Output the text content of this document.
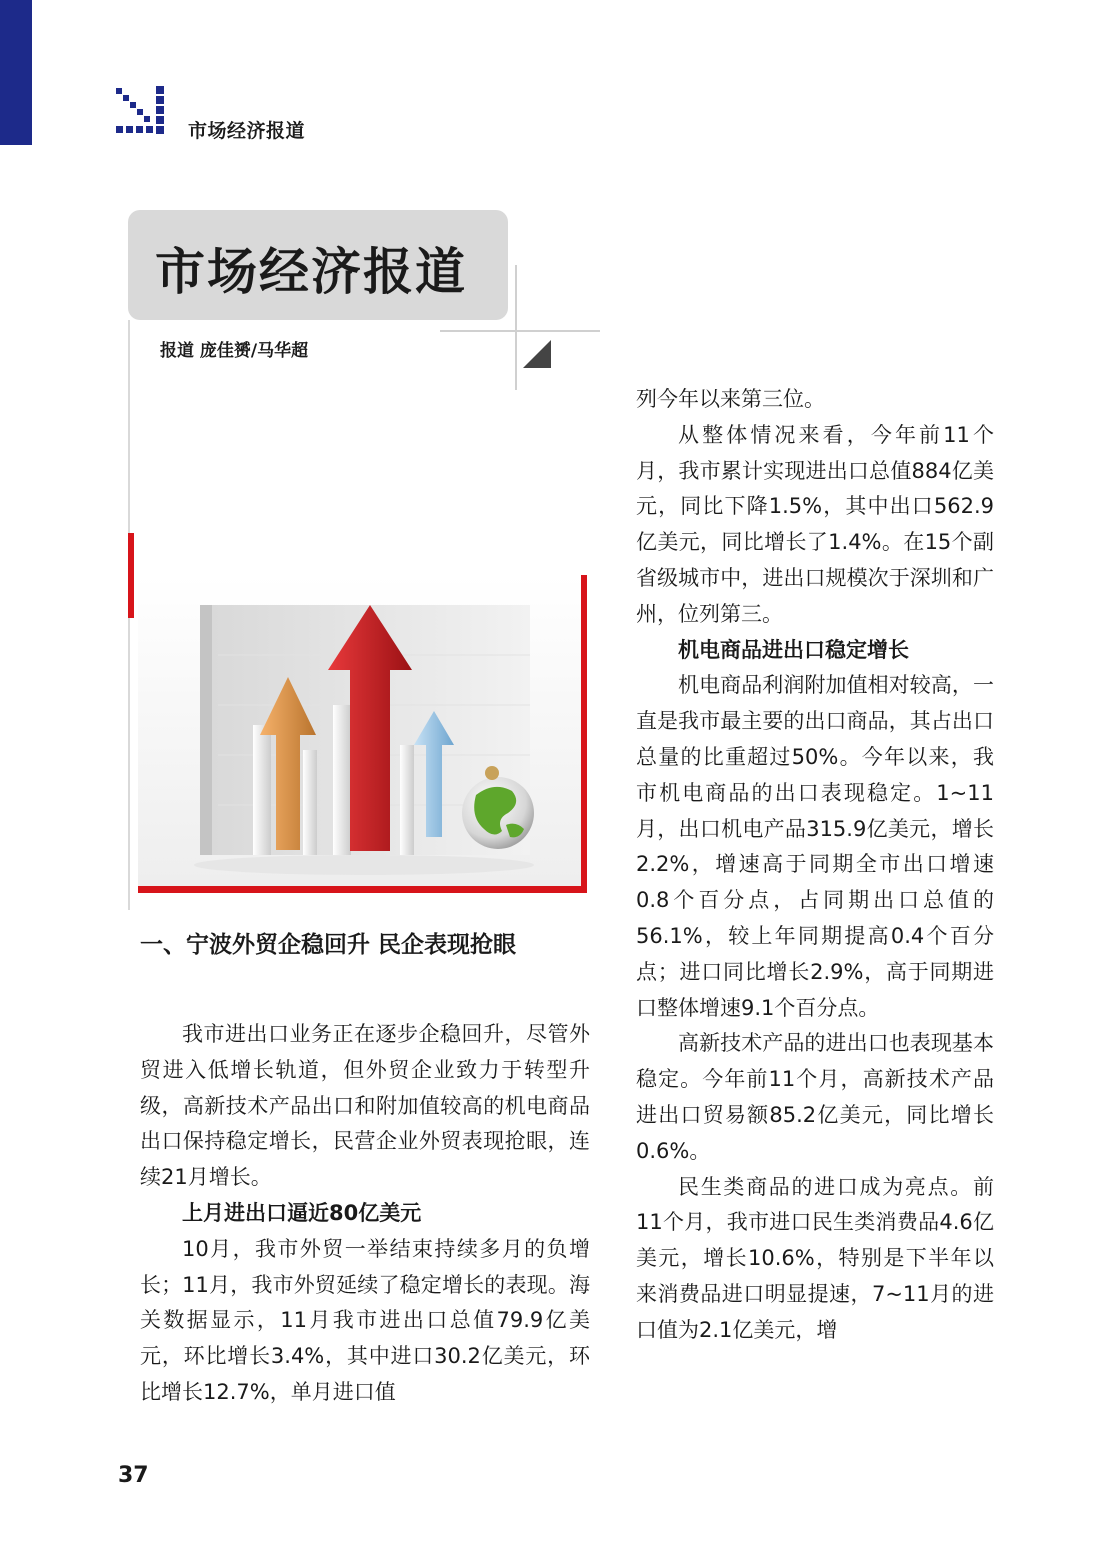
市场经济报道
市场经济报道
报道 庞佳赟/马华超
一、宁波外贸企稳回升 民企表现抢眼

我市进出口业务正在逐步企稳回升，尽管外贸进入低增长轨道，但外贸企业致力于转型升级，高新技术产品出口和附加值较高的机电商品出口保持稳定增长，民营企业外贸表现抢眼，连续21月增长。

上月进出口逼近80亿美元

10月，我市外贸一举结束持续多月的负增长；11月，我市外贸延续了稳定增长的表现。海关数据显示，11月我市进出口总值79.9亿美元，环比增长3.4%，其中进口30.2亿美元，环比增长12.7%，单月进口值

列今年以来第三位。

从整体情况来看，今年前11个月，我市累计实现进出口总值884亿美元，同比下降1.5%，其中出口562.9亿美元，同比增长了1.4%。在15个副省级城市中，进出口规模次于深圳和广州，位列第三。

机电商品进出口稳定增长

机电商品利润附加值相对较高，一直是我市最主要的出口商品，其占出口总量的比重超过50%。今年以来，我市机电商品的出口表现稳定。1~11月，出口机电产品315.9亿美元，增长2.2%，增速高于同期全市出口增速0.8个百分点，占同期出口总值的56.1%，较上年同期提高0.4个百分点；进口同比增长2.9%，高于同期进口整体增速9.1个百分点。

高新技术产品的进出口也表现基本稳定。今年前11个月，高新技术产品进出口贸易额85.2亿美元，同比增长0.6%。

民生类商品的进口成为亮点。前11个月，我市进口民生类消费品4.6亿美元，增长10.6%，特别是下半年以来消费品进口明显提速，7~11月的进口值为2.1亿美元，增

37
